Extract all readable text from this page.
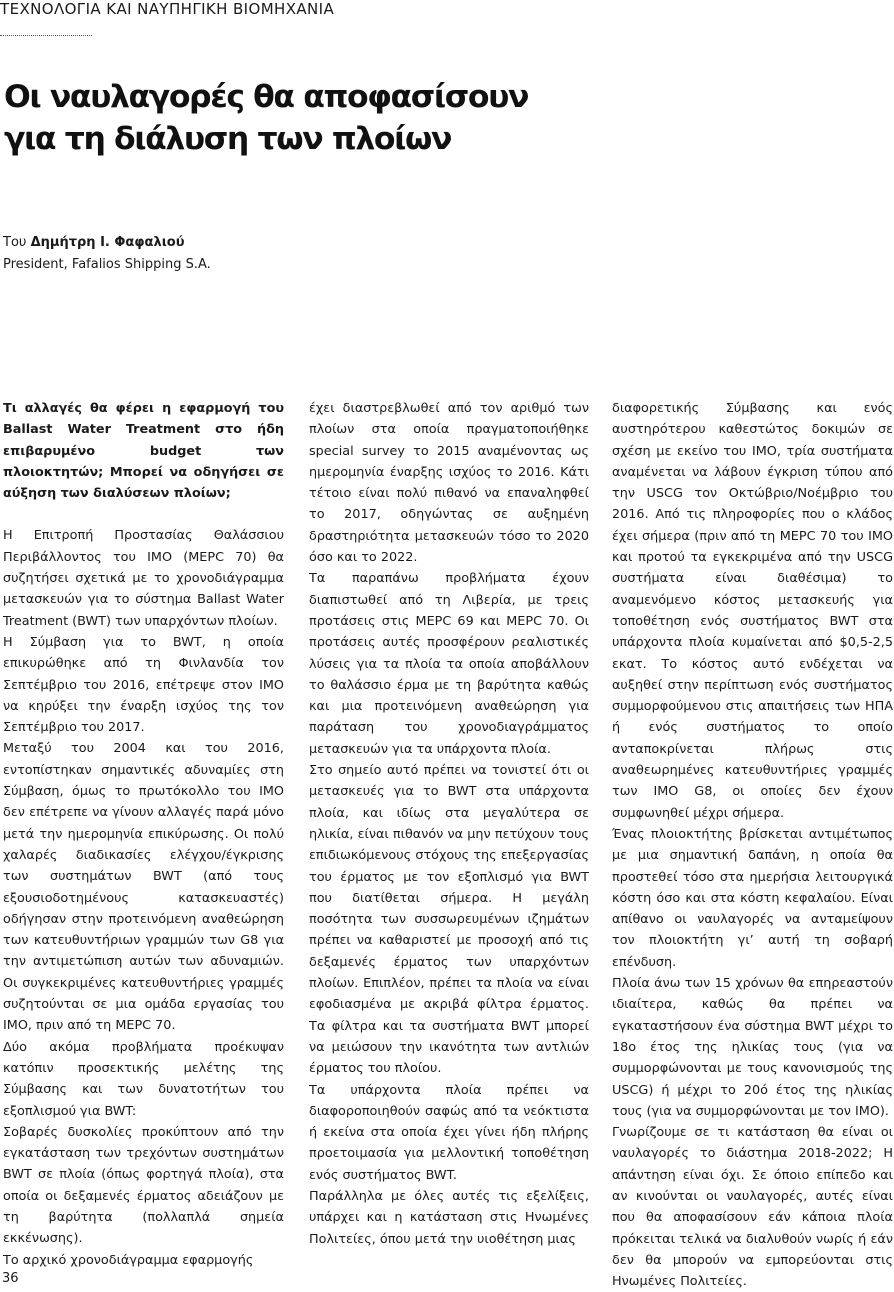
ΤΕΧΝΟΛΟΓΙΑ ΚΑΙ ΝΑΥΠΗΓΙΚΗ ΒΙΟΜΗΧΑΝΙΑ
Οι ναυλαγορές θα αποφασίσουν
για τη διάλυση των πλοίων
Του Δημήτρη Ι. Φαφαλιού
President, Fafalios Shipping S.A.

Τι αλλαγές θα φέρει η εφαρμογή του Ballast Water Treatment στο ήδη επιβαρυμένο budget των πλοιοκτητών; Μπορεί να οδηγήσει σε αύξηση των διαλύσεων πλοίων;

Η Επιτροπή Προστασίας Θαλάσσιου Περιβάλλοντος του IMO (MEPC 70) θα συζητήσει σχετικά με το χρονοδιάγραμμα μετασκευών για το σύστημα Ballast Water Treatment (BWT) των υπαρχόντων πλοίων.

Η Σύμβαση για το BWT, η οποία επικυρώθηκε από τη Φινλανδία τον Σεπτέμβριο του 2016, επέτρεψε στον IMO να κηρύξει την έναρξη ισχύος της τον Σεπτέμβριο του 2017.

Μεταξύ του 2004 και του 2016, εντοπίστηκαν σημαντικές αδυναμίες στη Σύμβαση, όμως το πρωτόκολλο του IMO δεν επέτρεπε να γίνουν αλλαγές παρά μόνο μετά την ημερομηνία επικύρωσης. Οι πολύ χαλαρές διαδικασίες ελέγχου/έγκρισης των συστημάτων BWT (από τους εξουσιοδοτημένους κατασκευαστές) οδήγησαν στην προτεινόμενη αναθεώρηση των κατευθυντήριων γραμμών των G8 για την αντιμετώπιση αυτών των αδυναμιών. Οι συγκεκριμένες κατευθυντήριες γραμμές συζητούνται σε μια ομάδα εργασίας του IMO, πριν από τη MEPC 70.

Δύο ακόμα προβλήματα προέκυψαν κατόπιν προσεκτικής μελέτης της Σύμβασης και των δυνατοτήτων του εξοπλισμού για BWT:

Σοβαρές δυσκολίες προκύπτουν από την εγκατάσταση των τρεχόντων συστημάτων BWT σε πλοία (όπως φορτηγά πλοία), στα οποία οι δεξαμενές έρματος αδειάζουν με τη βαρύτητα (πολλαπλά σημεία εκκένωσης).

Το αρχικό χρονοδιάγραμμα εφαρμογής

έχει διαστρεβλωθεί από τον αριθμό των πλοίων στα οποία πραγματοποιήθηκε special survey το 2015 αναμένοντας ως ημερομηνία έναρξης ισχύος το 2016. Κάτι τέτοιο είναι πολύ πιθανό να επαναληφθεί το 2017, οδηγώντας σε αυξημένη δραστηριότητα μετασκευών τόσο το 2020 όσο και το 2022.

Τα παραπάνω προβλήματα έχουν διαπιστωθεί από τη Λιβερία, με τρεις προτάσεις στις MEPC 69 και MEPC 70. Οι προτάσεις αυτές προσφέρουν ρεαλιστικές λύσεις για τα πλοία τα οποία αποβάλλουν το θαλάσσιο έρμα με τη βαρύτητα καθώς και μια προτεινόμενη αναθεώρηση για παράταση του χρονοδιαγράμματος μετασκευών για τα υπάρχοντα πλοία.

Στο σημείο αυτό πρέπει να τονιστεί ότι οι μετασκευές για το BWT στα υπάρχοντα πλοία, και ιδίως στα μεγαλύτερα σε ηλικία, είναι πιθανόν να μην πετύχουν τους επιδιωκόμενους στόχους της επεξεργασίας του έρματος με τον εξοπλισμό για BWT που διατίθεται σήμερα. Η μεγάλη ποσότητα των συσσωρευμένων ιζημάτων πρέπει να καθαριστεί με προσοχή από τις δεξαμενές έρματος των υπαρχόντων πλοίων. Επιπλέον, πρέπει τα πλοία να είναι εφοδιασμένα με ακριβά φίλτρα έρματος. Τα φίλτρα και τα συστήματα BWT μπορεί να μειώσουν την ικανότητα των αντλιών έρματος του πλοίου.

Τα υπάρχοντα πλοία πρέπει να διαφοροποιηθούν σαφώς από τα νεόκτιστα ή εκείνα στα οποία έχει γίνει ήδη πλήρης προετοιμασία για μελλοντική τοποθέτηση ενός συστήματος BWT.

Παράλληλα με όλες αυτές τις εξελίξεις, υπάρχει και η κατάσταση στις Ηνωμένες Πολιτείες, όπου μετά την υιοθέτηση μιας

διαφορετικής Σύμβασης και ενός αυστηρότερου καθεστώτος δοκιμών σε σχέση με εκείνο του IMO, τρία συστήματα αναμένεται να λάβουν έγκριση τύπου από την USCG τον Οκτώβριο/Νοέμβριο του 2016. Από τις πληροφορίες που ο κλάδος έχει σήμερα (πριν από τη MEPC 70 του IMO και προτού τα εγκεκριμένα από την USCG συστήματα είναι διαθέσιμα) το αναμενόμενο κόστος μετασκευής για τοποθέτηση ενός συστήματος BWT στα υπάρχοντα πλοία κυμαίνεται από $0,5-2,5 εκατ. Το κόστος αυτό ενδέχεται να αυξηθεί στην περίπτωση ενός συστήματος συμμορφούμενου στις απαιτήσεις των ΗΠΑ ή ενός συστήματος το οποίο ανταποκρίνεται πλήρως στις αναθεωρημένες κατευθυντήριες γραμμές των IMO G8, οι οποίες δεν έχουν συμφωνηθεί μέχρι σήμερα.

Ένας πλοιοκτήτης βρίσκεται αντιμέτωπος με μια σημαντική δαπάνη, η οποία θα προστεθεί τόσο στα ημερήσια λειτουργικά κόστη όσο και στα κόστη κεφαλαίου. Είναι απίθανο οι ναυλαγορές να ανταμείψουν τον πλοιοκτήτη γι’ αυτή τη σοβαρή επένδυση.

Πλοία άνω των 15 χρόνων θα επηρεαστούν ιδιαίτερα, καθώς θα πρέπει να εγκαταστήσουν ένα σύστημα BWT μέχρι το 18ο έτος της ηλικίας τους (για να συμμορφώνονται με τους κανονισμούς της USCG) ή μέχρι το 20ό έτος της ηλικίας τους (για να συμμορφώνονται με τον IMO).

Γνωρίζουμε σε τι κατάσταση θα είναι οι ναυλαγορές το διάστημα 2018-2022; Η απάντηση είναι όχι. Σε όποιο επίπεδο και αν κινούνται οι ναυλαγορές, αυτές είναι που θα αποφασίσουν εάν κάποια πλοία πρόκειται τελικά να διαλυθούν νωρίς ή εάν δεν θα μπορούν να εμπορεύονται στις Ηνωμένες Πολιτείες.

36
